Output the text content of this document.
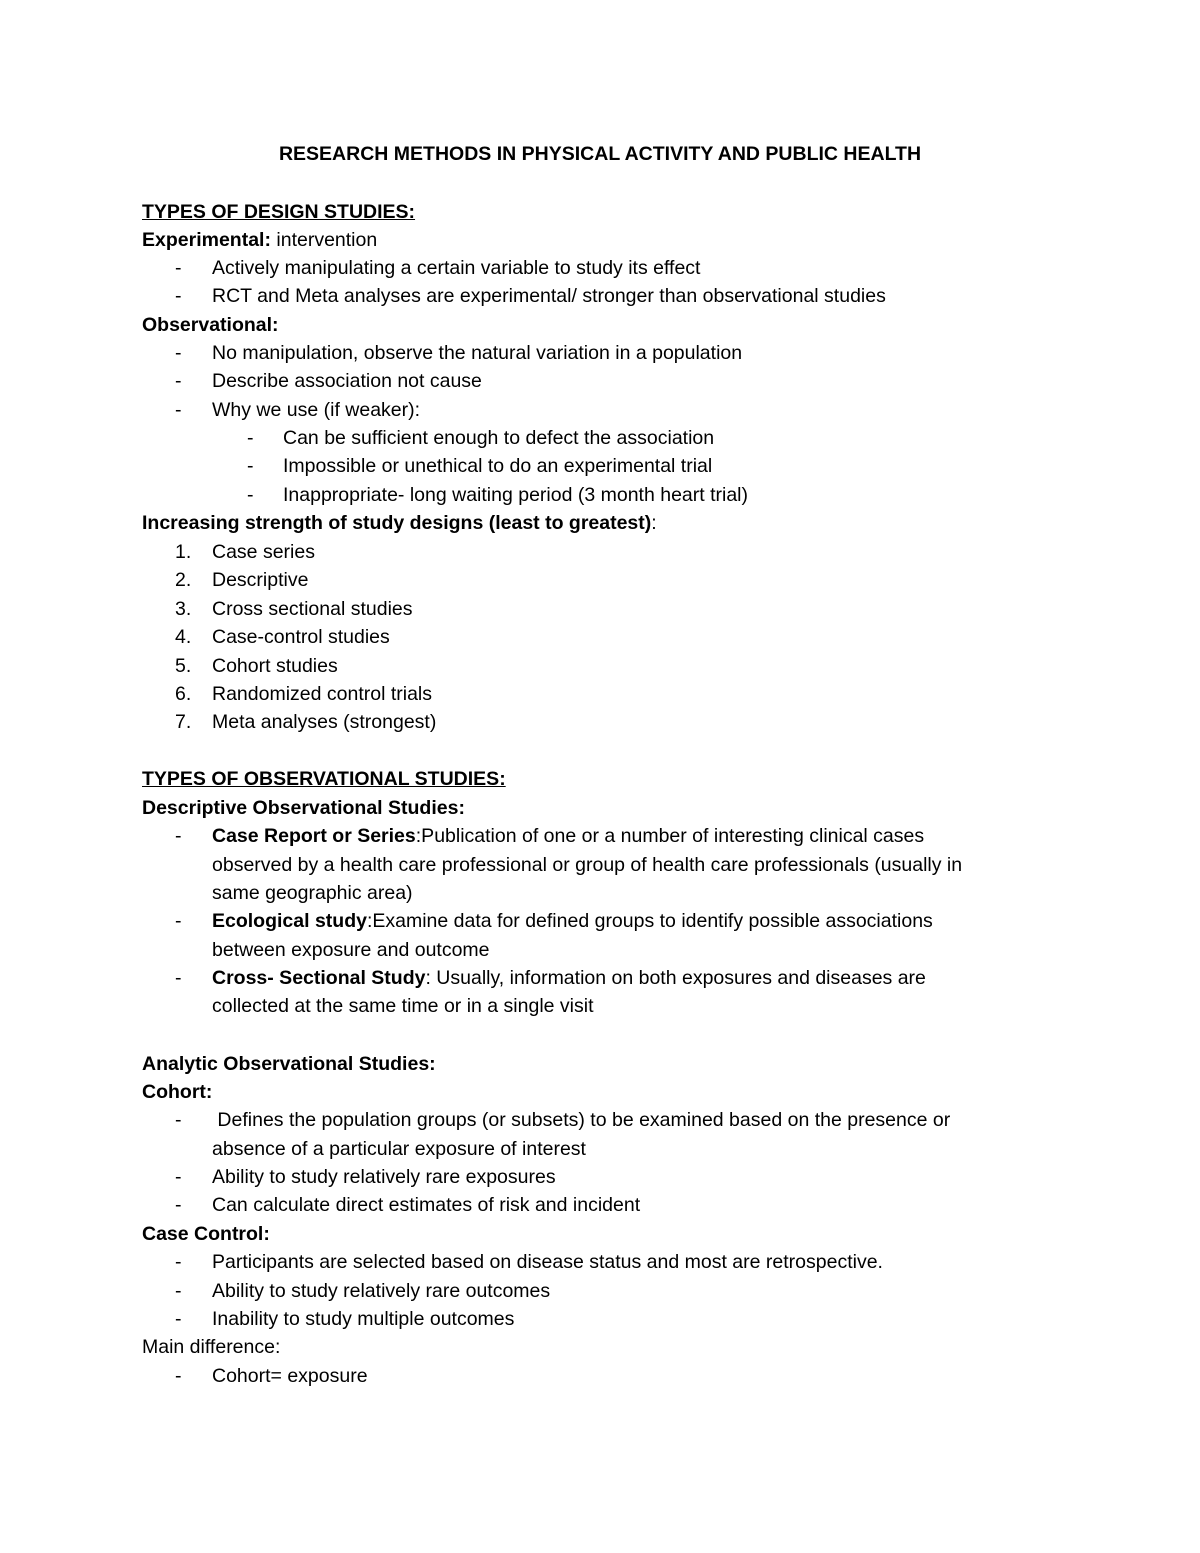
RESEARCH METHODS IN PHYSICAL ACTIVITY AND PUBLIC HEALTH
TYPES OF DESIGN STUDIES:
Experimental: intervention
- Actively manipulating a certain variable to study its effect
- RCT and Meta analyses are experimental/ stronger than observational studies
Observational:
- No manipulation, observe the natural variation in a population
- Describe association not cause
- Why we use (if weaker):
- Can be sufficient enough to defect the association
- Impossible or unethical to do an experimental trial
- Inappropriate- long waiting period (3 month heart trial)
Increasing strength of study designs (least to greatest):
1.	Case series
2.	Descriptive
3.	Cross sectional studies
4.	Case-control studies
5.	Cohort studies
6.	Randomized control trials
7.	Meta analyses (strongest)
TYPES OF OBSERVATIONAL STUDIES:
Descriptive Observational Studies:
- Case Report or Series:Publication of one or a number of interesting clinical cases
observed by a health care professional or group of health care professionals (usually in
same geographic area)
- Ecological study:Examine data for defined groups to identify possible associations
between exposure and outcome
- Cross- Sectional Study: Usually, information on both exposures and diseases are
collected at the same time or in a single visit
Analytic Observational Studies:
Cohort:
- Defines the population groups (or subsets) to be examined based on the presence or
absence of a particular exposure of interest
- Ability to study relatively rare exposures
- Can calculate direct estimates of risk and incident
Case Control:
- Participants are selected based on disease status and most are retrospective.
- Ability to study relatively rare outcomes
- Inability to study multiple outcomes
Main difference:
- Cohort= exposure
